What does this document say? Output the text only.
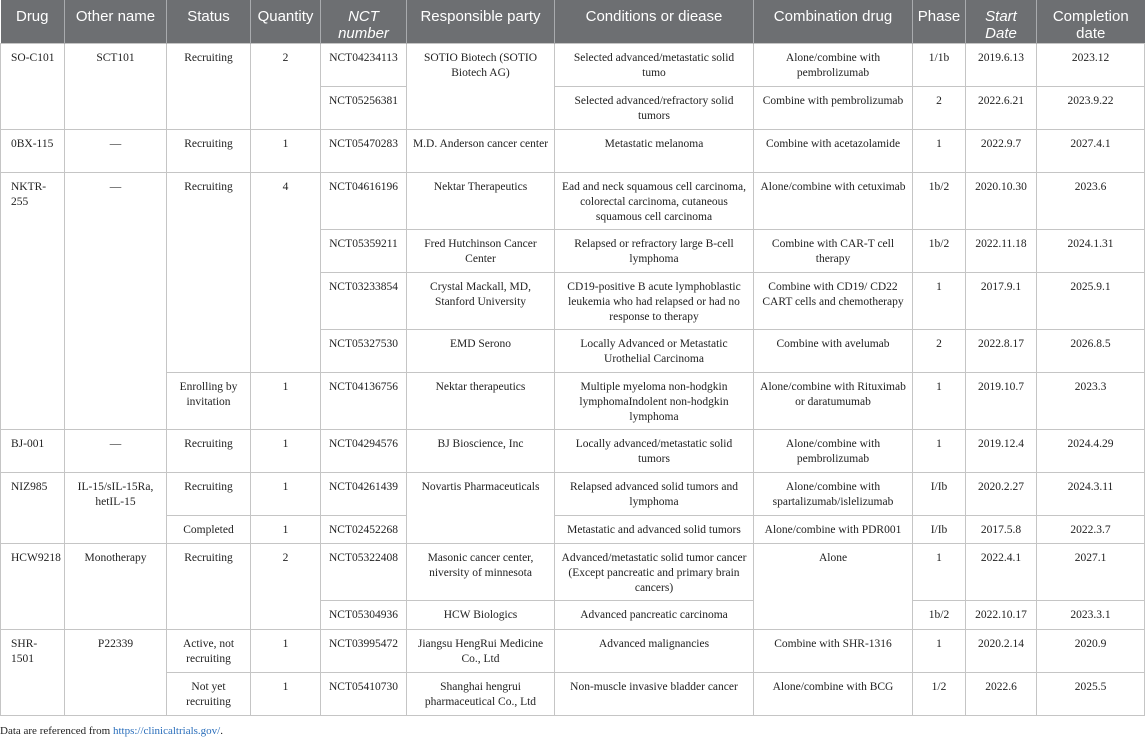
Drug	Other name	Status	Quantity	NCT number	Responsible party	Conditions or diease	Combination drug	Phase	Start Date	Completion date
SO-C101	SCT101	Recruiting	2	NCT04234113	SOTIO Biotech (SOTIO Biotech AG)	Selected advanced/metastatic solid tumo	Alone/combine with pembrolizumab	1/1b	2019.6.13	2023.12
				NCT05256381		Selected advanced/refractory solid tumors	Combine with pembrolizumab	2	2022.6.21	2023.9.22
0BX-115	—	Recruiting	1	NCT05470283	M.D. Anderson cancer center	Metastatic melanoma	Combine with acetazolamide	1	2022.9.7	2027.4.1
NKTR-255	—	Recruiting	4	NCT04616196	Nektar Therapeutics	Ead and neck squamous cell carcinoma, colorectal carcinoma, cutaneous squamous cell carcinoma	Alone/combine with cetuximab	1b/2	2020.10.30	2023.6
				NCT05359211	Fred Hutchinson Cancer Center	Relapsed or refractory large B-cell lymphoma	Combine with CAR-T cell therapy	1b/2	2022.11.18	2024.1.31
				NCT03233854	Crystal Mackall, MD, Stanford University	CD19-positive B acute lymphoblastic leukemia who had relapsed or had no response to therapy	Combine with CD19/ CD22 CART cells and chemotherapy	1	2017.9.1	2025.9.1
				NCT05327530	EMD Serono	Locally Advanced or Metastatic Urothelial Carcinoma	Combine with avelumab	2	2022.8.17	2026.8.5
		Enrolling by invitation	1	NCT04136756	Nektar therapeutics	Multiple myeloma non-hodgkin lymphomaIndolent non-hodgkin lymphoma	Alone/combine with Rituximab or daratumumab	1	2019.10.7	2023.3
BJ-001	—	Recruiting	1	NCT04294576	BJ Bioscience, Inc	Locally advanced/metastatic solid tumors	Alone/combine with pembrolizumab	1	2019.12.4	2024.4.29
NIZ985	IL-15/sIL-15Ra, hetIL-15	Recruiting	1	NCT04261439	Novartis Pharmaceuticals	Relapsed advanced solid tumors and lymphoma	Alone/combine with spartalizumab/islelizumab	I/Ib	2020.2.27	2024.3.11
		Completed	1	NCT02452268		Metastatic and advanced solid tumors	Alone/combine with PDR001	I/Ib	2017.5.8	2022.3.7
HCW9218	Monotherapy	Recruiting	2	NCT05322408	Masonic cancer center, niversity of minnesota	Advanced/metastatic solid tumor cancer (Except pancreatic and primary brain cancers)	Alone	1	2022.4.1	2027.1
				NCT05304936	HCW Biologics	Advanced pancreatic carcinoma		1b/2	2022.10.17	2023.3.1
SHR-1501	P22339	Active, not recruiting	1	NCT03995472	Jiangsu HengRui Medicine Co., Ltd	Advanced malignancies	Combine with SHR-1316	1	2020.2.14	2020.9
		Not yet recruiting	1	NCT05410730	Shanghai hengrui pharmaceutical Co., Ltd	Non-muscle invasive bladder cancer	Alone/combine with BCG	1/2	2022.6	2025.5
Data are referenced from https://clinicaltrials.gov/.
